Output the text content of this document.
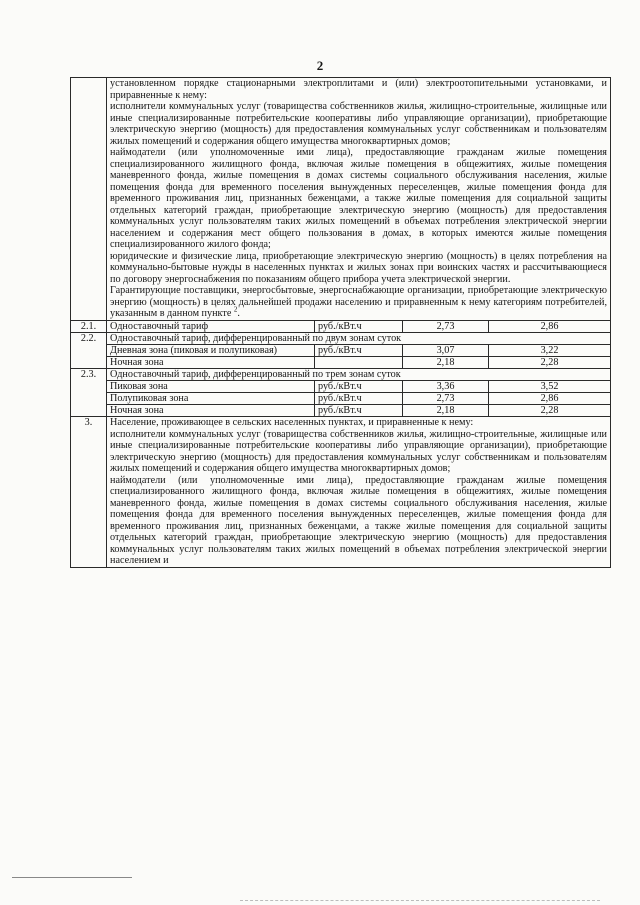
2

	установленном порядке стационарными электроплитами и (или) электроотопительными установками, и приравненные к нему:

исполнители коммунальных услуг (товарищества собственников жилья, жилищно-строительные, жилищные или иные специализированные потребительские кооперативы либо управляющие организации), приобретающие электрическую энергию (мощность) для предоставления коммунальных услуг собственникам и пользователям жилых помещений и содержания общего имущества многоквартирных домов;

наймодатели (или уполномоченные ими лица), предоставляющие гражданам жилые помещения специализированного жилищного фонда, включая жилые помещения в общежитиях, жилые помещения маневренного фонда, жилые помещения в домах системы социального обслуживания населения, жилые помещения фонда для временного поселения вынужденных переселенцев, жилые помещения фонда для временного проживания лиц, признанных беженцами, а также жилые помещения для социальной защиты отдельных категорий граждан, приобретающие электрическую энергию (мощность) для предоставления коммунальных услуг пользователям таких жилых помещений в объемах потребления электрической энергии населением и содержания мест общего пользования в домах, в которых имеются жилые помещения специализированного жилого фонда;

юридические и физические лица, приобретающие электрическую энергию (мощность) в целях потребления на коммунально-бытовые нужды в населенных пунктах и жилых зонах при воинских частях и рассчитывающиеся по договору энергоснабжения по показаниям общего прибора учета электрической энергии.

Гарантирующие поставщики, энергосбытовые, энергоснабжающие организации, приобретающие электрическую энергию (мощность) в целях дальнейшей продажи населению и приравненным к нему категориям потребителей, указанным в данном пункте $^2$.			

2.1.	Одноставочный тариф	руб./кВт.ч	2,73	2,86
2.2.	Одноставочный тариф, дифференцированный по двум зонам суток			
	Дневная зона (пиковая и полупиковая)	руб./кВт.ч	3,07	3,22
	Ночная зона		2,18	2,28
2.3.	Одноставочный тариф, дифференцированный по трем зонам суток			
	Пиковая зона	руб./кВт.ч	3,36	3,52
	Полупиковая зона	руб./кВт.ч	2,73	2,86
	Ночная зона	руб./кВт.ч	2,18	2,28
3.	Население, проживающее в сельских населенных пунктах, и приравненные к нему:

исполнители коммунальных услуг (товарищества собственников жилья, жилищно-строительные, жилищные или иные специализированные потребительские кооперативы либо управляющие организации), приобретающие электрическую энергию (мощность) для предоставления коммунальных услуг собственникам и пользователям жилых помещений и содержания общего имущества многоквартирных домов;

наймодатели (или уполномоченные ими лица), предоставляющие гражданам жилые помещения специализированного жилищного фонда, включая жилые помещения в общежитиях, жилые помещения маневренного фонда, жилые помещения в домах системы социального обслуживания населения, жилые помещения фонда для временного поселения вынужденных переселенцев, жилые помещения фонда для временного проживания лиц, признанных беженцами, а также жилые помещения для социальной защиты отдельных категорий граждан, приобретающие электрическую энергию (мощность) для предоставления коммунальных услуг пользователям таких жилых помещений в объемах потребления электрической энергии населением и			
